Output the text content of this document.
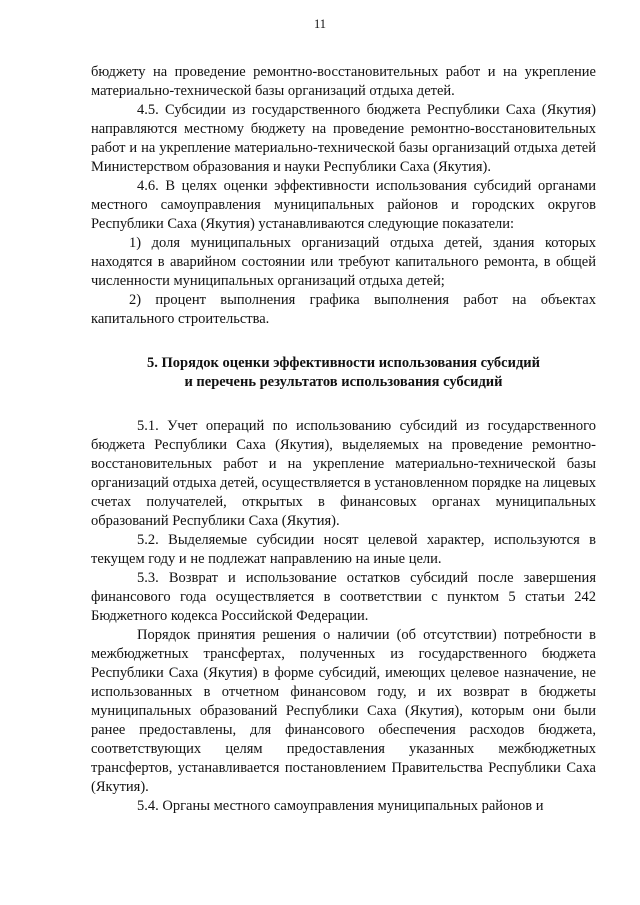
11

бюджету на проведение ремонтно-восстановительных работ и на укрепление материально-технической базы организаций отдыха детей.

4.5. Субсидии из государственного бюджета Республики Саха (Якутия) направляются местному бюджету на проведение ремонтно-восстановительных работ и на укрепление материально-технической базы организаций отдыха детей Министерством образования и науки Республики Саха (Якутия).

4.6. В целях оценки эффективности использования субсидий органами местного самоуправления муниципальных районов и городских округов Республики Саха (Якутия) устанавливаются следующие показатели:

1) доля муниципальных организаций отдыха детей, здания которых находятся в аварийном состоянии или требуют капитального ремонта, в общей численности муниципальных организаций отдыха детей;

2) процент выполнения графика выполнения работ на объектах капитального строительства.

5. Порядок оценки эффективности использования субсидий
и перечень результатов использования субсидий

5.1. Учет операций по использованию субсидий из государственного бюджета Республики Саха (Якутия), выделяемых на проведение ремонтно-восстановительных работ и на укрепление материально-технической базы организаций отдыха детей, осуществляется в установленном порядке на лицевых счетах получателей, открытых в финансовых органах муниципальных образований Республики Саха (Якутия).

5.2. Выделяемые субсидии носят целевой характер, используются в текущем году и не подлежат направлению на иные цели.

5.3. Возврат и использование остатков субсидий после завершения финансового года осуществляется в соответствии с пунктом 5 статьи 242 Бюджетного кодекса Российской Федерации.

Порядок принятия решения о наличии (об отсутствии) потребности в межбюджетных трансфертах, полученных из государственного бюджета Республики Саха (Якутия) в форме субсидий, имеющих целевое назначение, не использованных в отчетном финансовом году, и их возврат в бюджеты муниципальных образований Республики Саха (Якутия), которым они были ранее предоставлены, для финансового обеспечения расходов бюджета, соответствующих целям предоставления указанных межбюджетных трансфертов, устанавливается постановлением Правительства Республики Саха (Якутия).

5.4. Органы местного самоуправления муниципальных районов и
